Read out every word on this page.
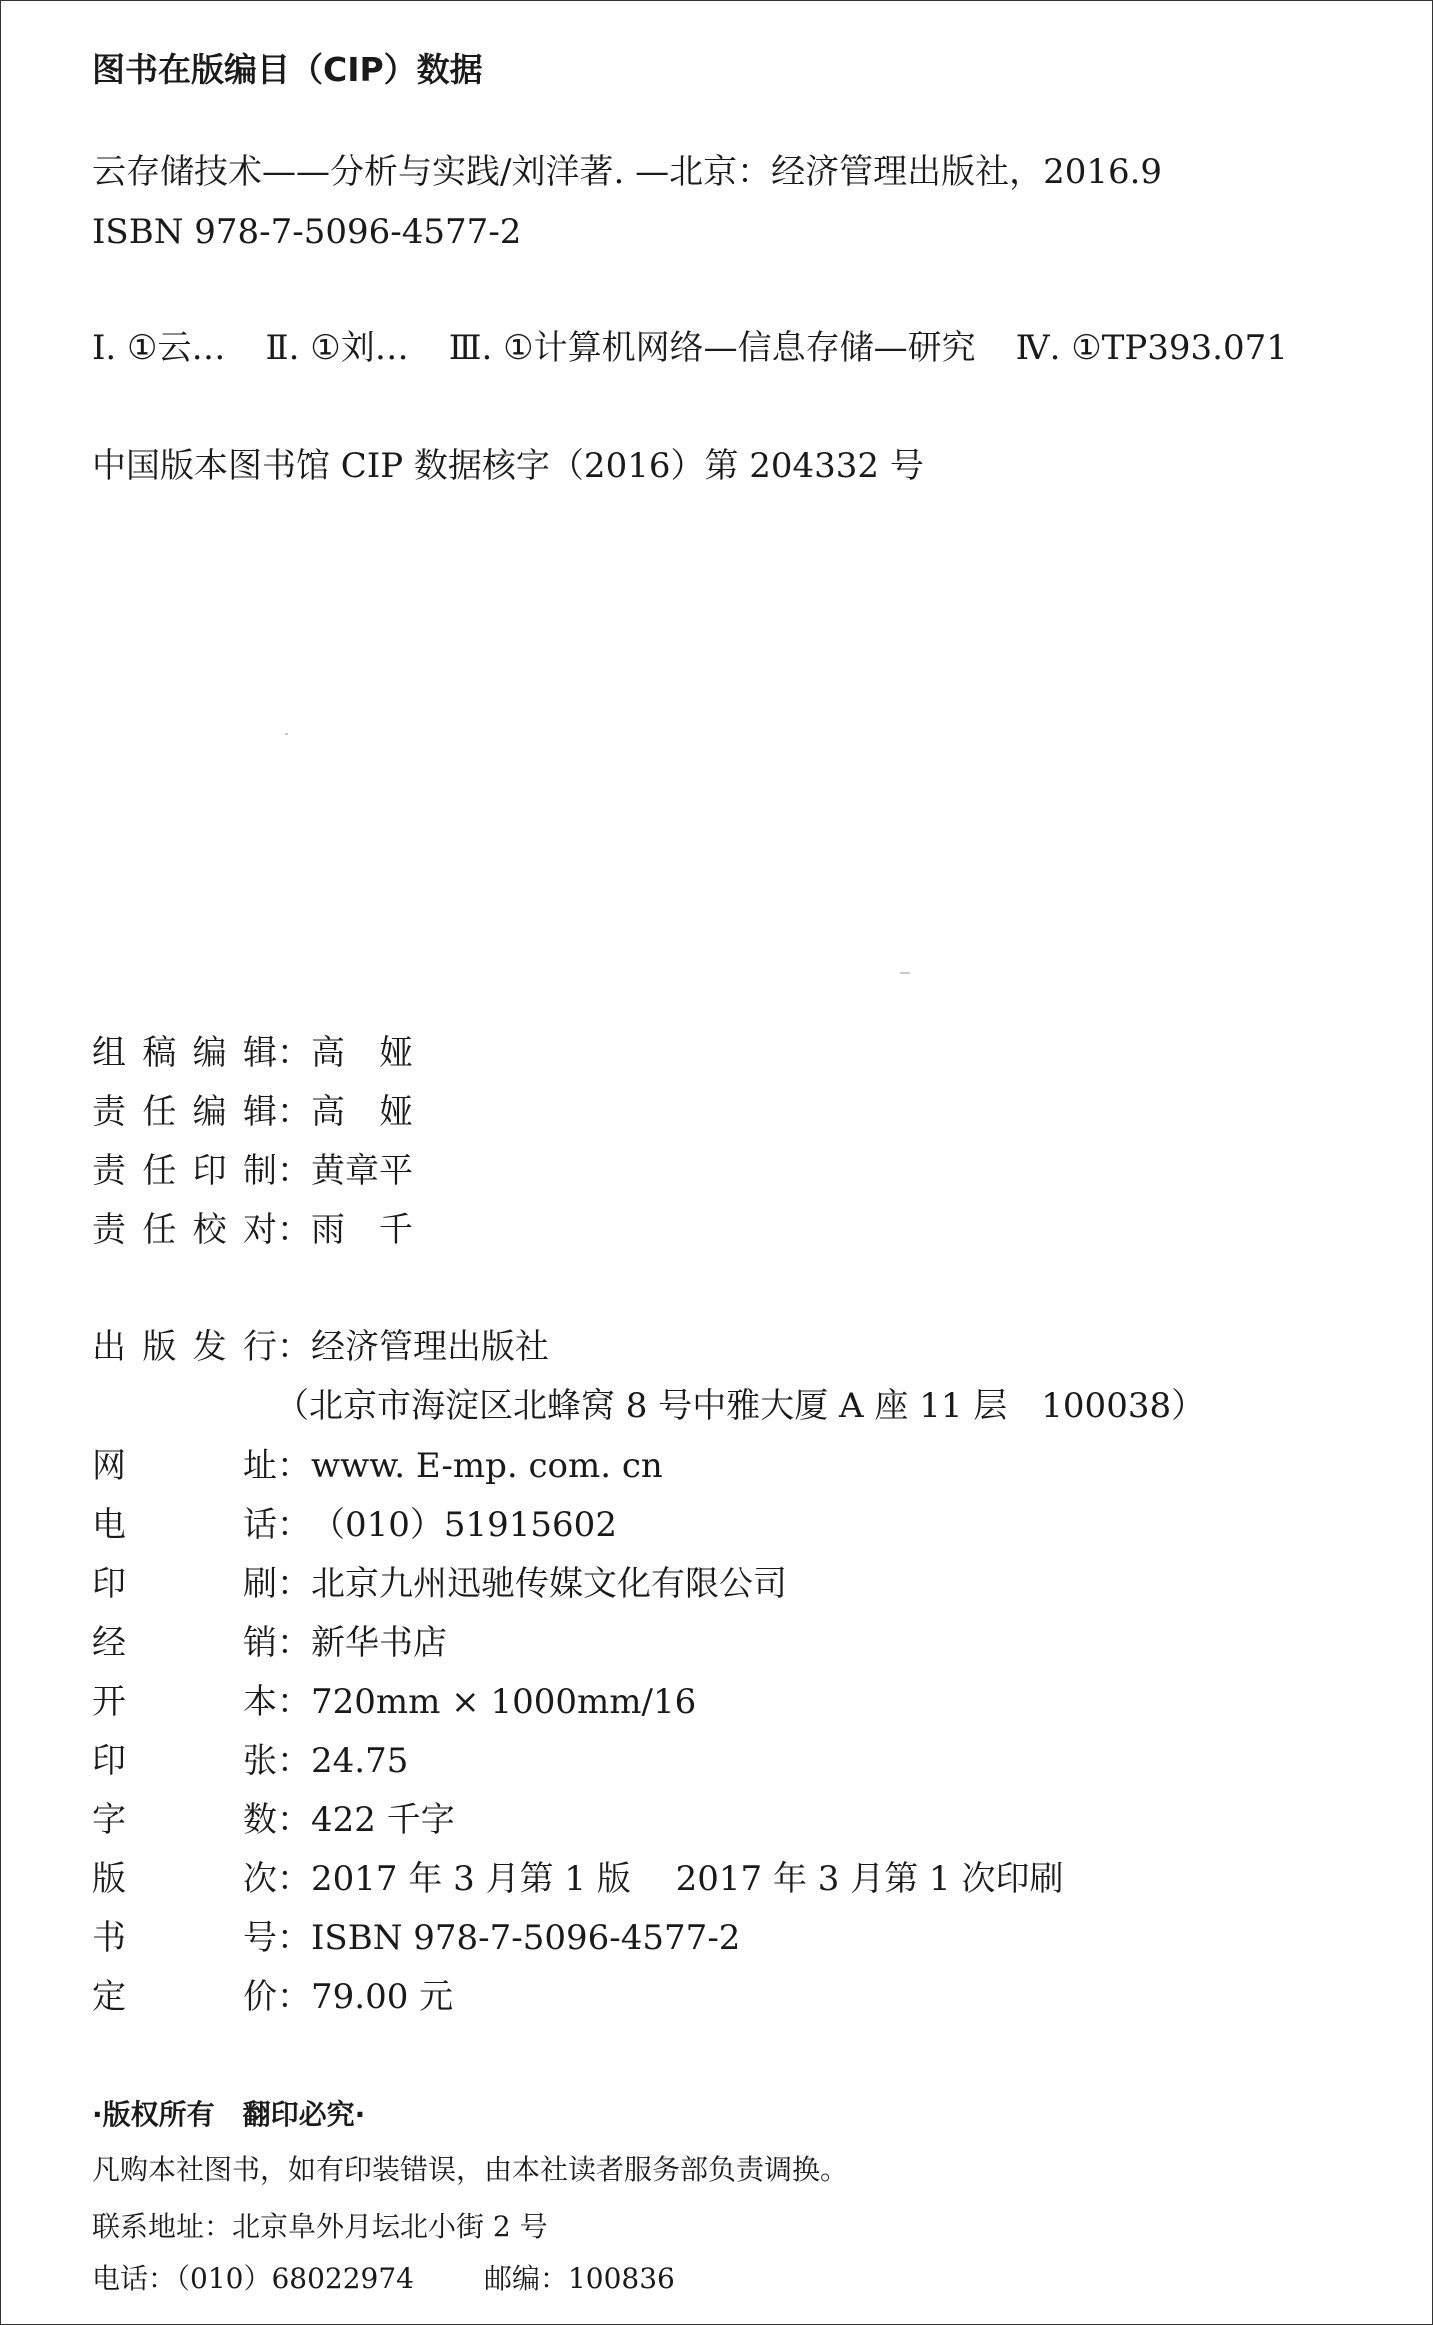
图书在版编目（CIP）数据
云存储技术——分析与实践/刘洋著. —北京：经济管理出版社，2016.9
ISBN 978-7-5096-4577-2
Ⅰ. ①云… Ⅱ. ①刘… Ⅲ. ①计算机网络—信息存储—研究 Ⅳ. ①TP393.071
中国版本图书馆 CIP 数据核字（2016）第 204332 号
组稿编辑：高　娅
责任编辑：高　娅
责任印制：黄章平
责任校对：雨　千
出版发行：经济管理出版社
（北京市海淀区北蜂窝 8 号中雅大厦 A 座 11 层　100038）
网　址：www. E-mp. com. cn
电　话：（010）51915602
印　刷：北京九州迅驰传媒文化有限公司
经　销：新华书店
开　本：720mm × 1000mm/16
印　张：24.75
字　数：422 千字
版　次：2017 年 3 月第 1 版　 2017 年 3 月第 1 次印刷
书　号：ISBN 978-7-5096-4577-2
定　价：79.00 元
·版权所有　翻印必究·
凡购本社图书，如有印装错误，由本社读者服务部负责调换。
联系地址：北京阜外月坛北小街 2 号
电话：（010）68022974	邮编：100836
